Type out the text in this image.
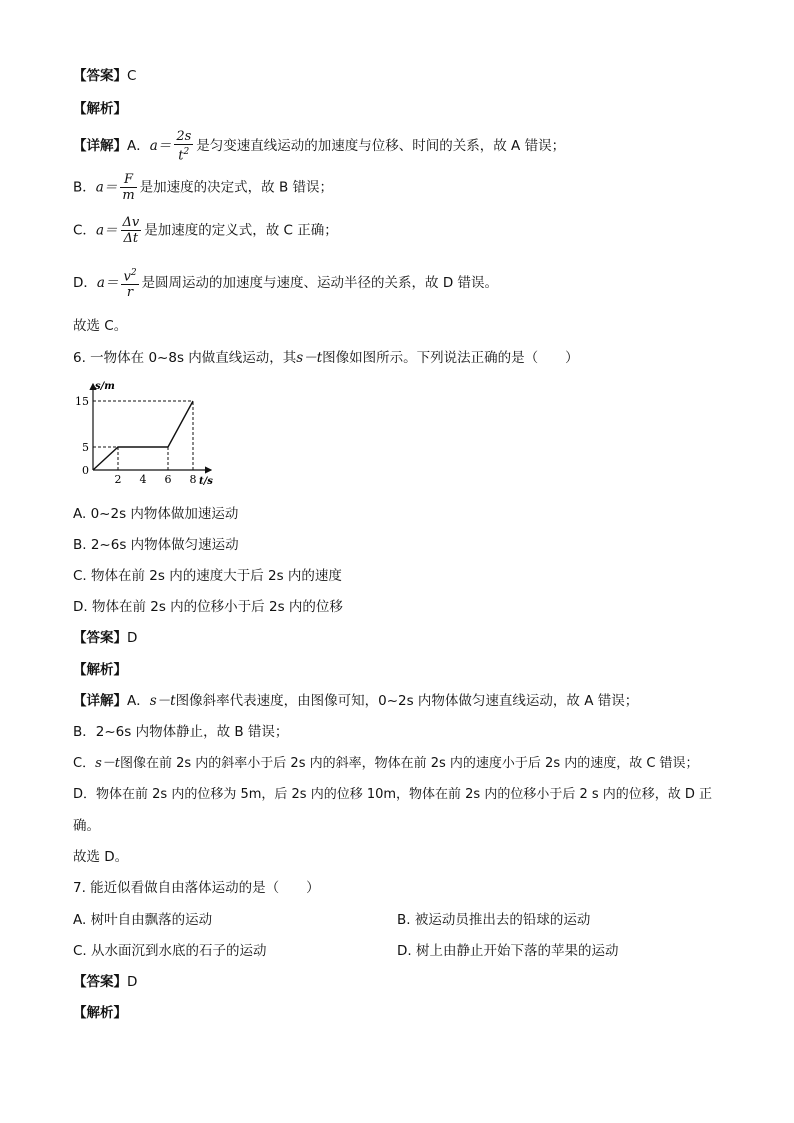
【答案】C
【解析】
【详解】A．$a= \frac{2s}{t^2}$ 是匀变速直线运动的加速度与位移、时间的关系，故 A 错误；
B．$a= \frac{F}{m}$ 是加速度的决定式，故 B 错误；
C．$a= \frac{\Delta v}{\Delta t}$ 是加速度的定义式，故 C 正确；
D．$a= \frac{v^2}{r}$ 是圆周运动的加速度与速度、运动半径的关系，故 D 错误。
故选 C。
6. 一物体在 0~8s 内做直线运动，其s－t图像如图所示。下列说法正确的是（　　）
2 4 6 8
0
5
15
s/m
t/s
A. 0~2s 内物体做加速运动
B. 2~6s 内物体做匀速运动
C. 物体在前 2s 内的速度大于后 2s 内的速度
D. 物体在前 2s 内的位移小于后 2s 内的位移
【答案】D
【解析】
【详解】A．s－t图像斜率代表速度，由图像可知，0~2s 内物体做匀速直线运动，故 A 错误；
B．2~6s 内物体静止，故 B 错误；
C．s－t图像在前 2s 内的斜率小于后 2s 内的斜率，物体在前 2s 内的速度小于后 2s 内的速度，故 C 错误；
D．物体在前 2s 内的位移为 5m，后 2s 内的位移 10m，物体在前 2s 内的位移小于后 2 s 内的位移，故 D 正
确。
故选 D。
7. 能近似看做自由落体运动的是（　　）
A. 树叶自由飘落的运动	B. 被运动员推出去的铅球的运动
C. 从水面沉到水底的石子的运动	D. 树上由静止开始下落的苹果的运动
【答案】D
【解析】
